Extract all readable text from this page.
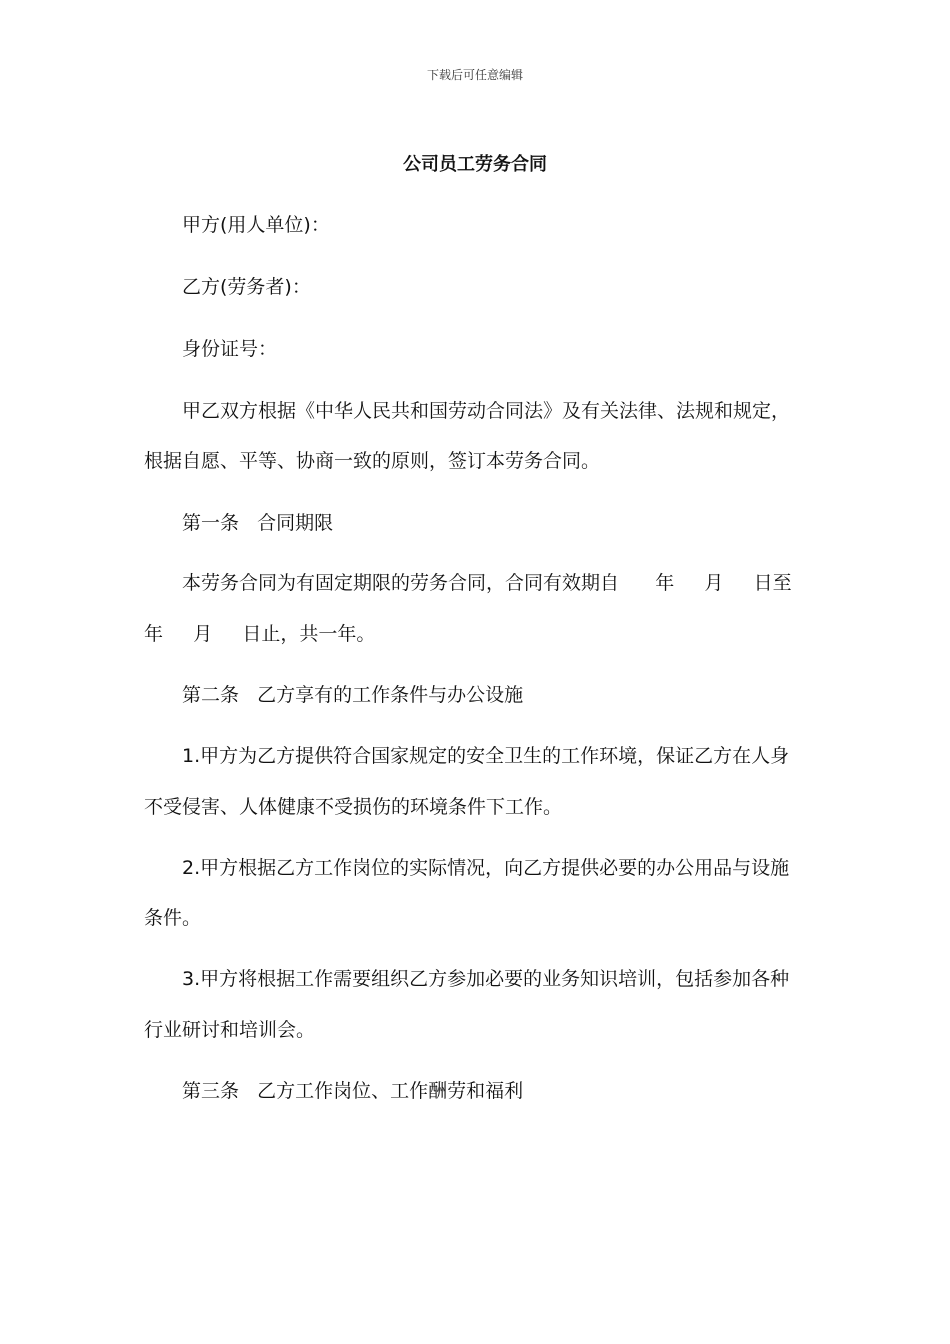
下载后可任意编辑
公司员工劳务合同
甲方(用人单位)：
乙方(劳务者)：
身份证号：
甲乙双方根据《中华人民共和国劳动合同法》及有关法律、法规和规定，
根据自愿、平等、协商一致的原则，签订本劳务合同。
第一条   合同期限
本劳务合同为有固定期限的劳务合同，合同有效期自      年     月     日至
年     月     日止，共一年。
第二条   乙方享有的工作条件与办公设施
1.甲方为乙方提供符合国家规定的安全卫生的工作环境，保证乙方在人身
不受侵害、人体健康不受损伤的环境条件下工作。
2.甲方根据乙方工作岗位的实际情况，向乙方提供必要的办公用品与设施
条件。
3.甲方将根据工作需要组织乙方参加必要的业务知识培训，包括参加各种
行业研讨和培训会。
第三条   乙方工作岗位、工作酬劳和福利
